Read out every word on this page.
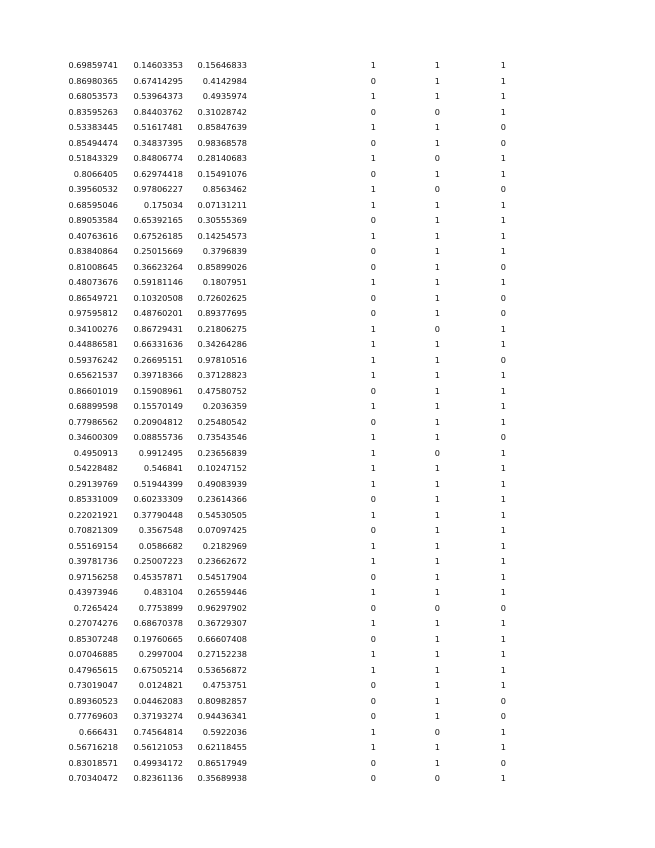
0.69859741 0.14603353 0.15646833	1	1	1
0.86980365 0.67414295 0.4142984	0	1	1
0.68053573 0.53964373 0.4935974	1	1	1
0.83595263 0.84403762 0.31028742	0	0	1
0.53383445 0.51617481 0.85847639	1	1	0
0.85494474 0.34837395 0.98368578	0	1	0
0.51843329 0.84806774 0.28140683	1	0	1
0.8066405 0.62974418 0.15491076	0	1	1
0.39560532 0.97806227 0.8563462	1	0	0
0.68595046	0.175034 0.07131211	1	1	1
0.89053584 0.65392165 0.30555369	0	1	1
0.40763616 0.67526185 0.14254573	1	1	1
0.83840864 0.25015669 0.3796839	0	1	1
0.81008645 0.36623264 0.85899026	0	1	0
0.48073676 0.59181146 0.1807951	1	1	1
0.86549721 0.10320508 0.72602625	0	1	0
0.97595812 0.48760201 0.89377695	0	1	0
0.34100276 0.86729431 0.21806275	1	0	1
0.44886581 0.66331636 0.34264286	1	1	1
0.59376242 0.26695151 0.97810516	1	1	0
0.65621537 0.39718366 0.37128823	1	1	1
0.86601019 0.15908961 0.47580752	0	1	1
0.68899598 0.15570149 0.2036359	1	1	1
0.77986562 0.20904812 0.25480542	0	1	1
0.34600309 0.08855736 0.73543546	1	1	0
0.4950913	0.9912495 0.23656839	1	0	1
0.54228482	0.546841 0.10247152	1	1	1
0.29139769 0.51944399 0.49083939	1	1	1
0.85331009 0.60233309 0.23614366	0	1	1
0.22021921 0.37790448 0.54530505	1	1	1
0.70821309	0.3567548 0.07097425	0	1	1
0.55169154	0.0586682 0.2182969	1	1	1
0.39781736 0.25007223 0.23662672	1	1	1
0.97156258 0.45357871 0.54517904	0	1	1
0.43973946	0.483104 0.26559446	1	1	1
0.7265424	0.7753899 0.96297902	0	0	0
0.27074276 0.68670378 0.36729307	1	1	1
0.85307248 0.19760665 0.66607408	0	1	1
0.07046885	0.2997004 0.27152238	1	1	1
0.47965615 0.67505214 0.53656872	1	1	1
0.73019047	0.0124821 0.4753751	0	1	1
0.89360523 0.04462083 0.80982857	0	1	0
0.77769603 0.37193274 0.94436341	0	1	0
0.666431 0.74564814 0.5922036	1	0	1
0.56716218 0.56121053 0.62118455	1	1	1
0.83018571 0.49934172 0.86517949	0	1	0
0.70340472 0.82361136 0.35689938	0	0	1
